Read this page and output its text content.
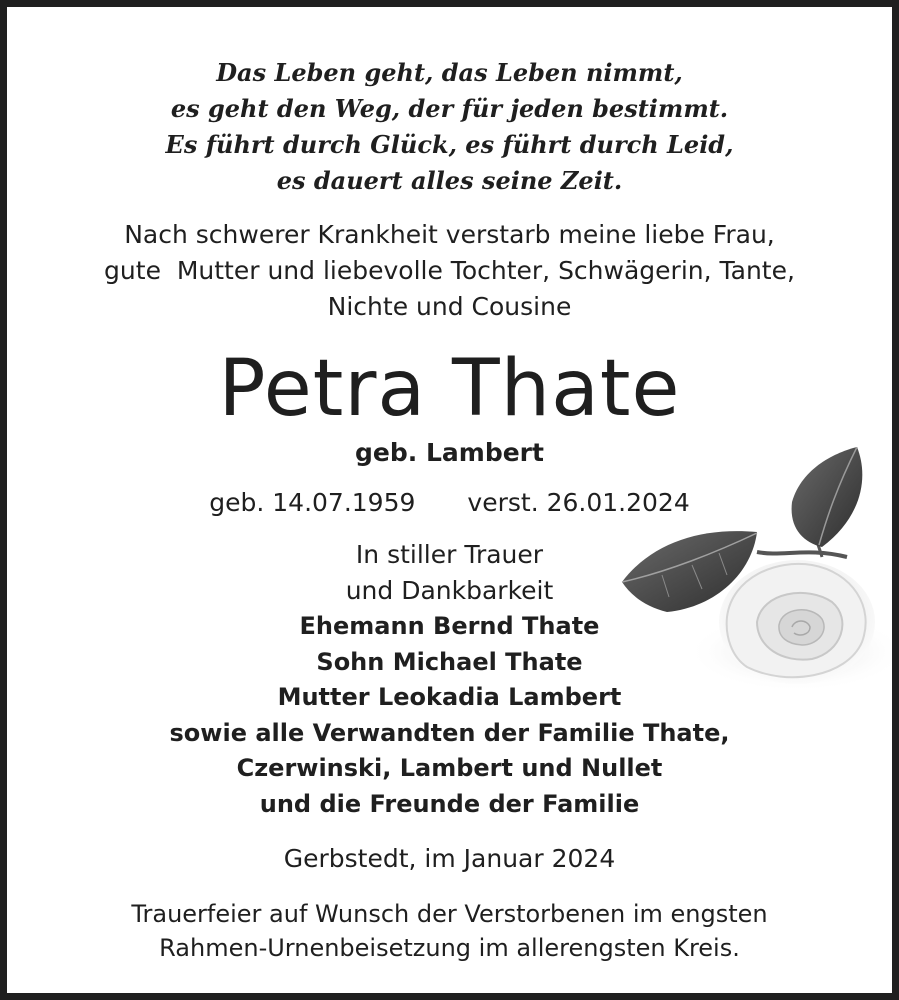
Das Leben geht, das Leben nimmt,
es geht den Weg, der für jeden bestimmt.
Es führt durch Glück, es führt durch Leid,
es dauert alles seine Zeit.
Nach schwerer Krankheit verstarb meine liebe Frau,
gute  Mutter und liebevolle Tochter, Schwägerin, Tante,
Nichte und Cousine
Petra Thate
geb. Lambert
geb. 14.07.1959 verst. 26.01.2024
In stiller Trauer
und Dankbarkeit
Ehemann Bernd Thate
Sohn Michael Thate
Mutter Leokadia Lambert
sowie alle Verwandten der Familie Thate,
Czerwinski, Lambert und Nullet
und die Freunde der Familie
Gerbstedt, im Januar 2024
Trauerfeier auf Wunsch der Verstorbenen im engsten
Rahmen-Urnenbeisetzung im allerengsten Kreis.
